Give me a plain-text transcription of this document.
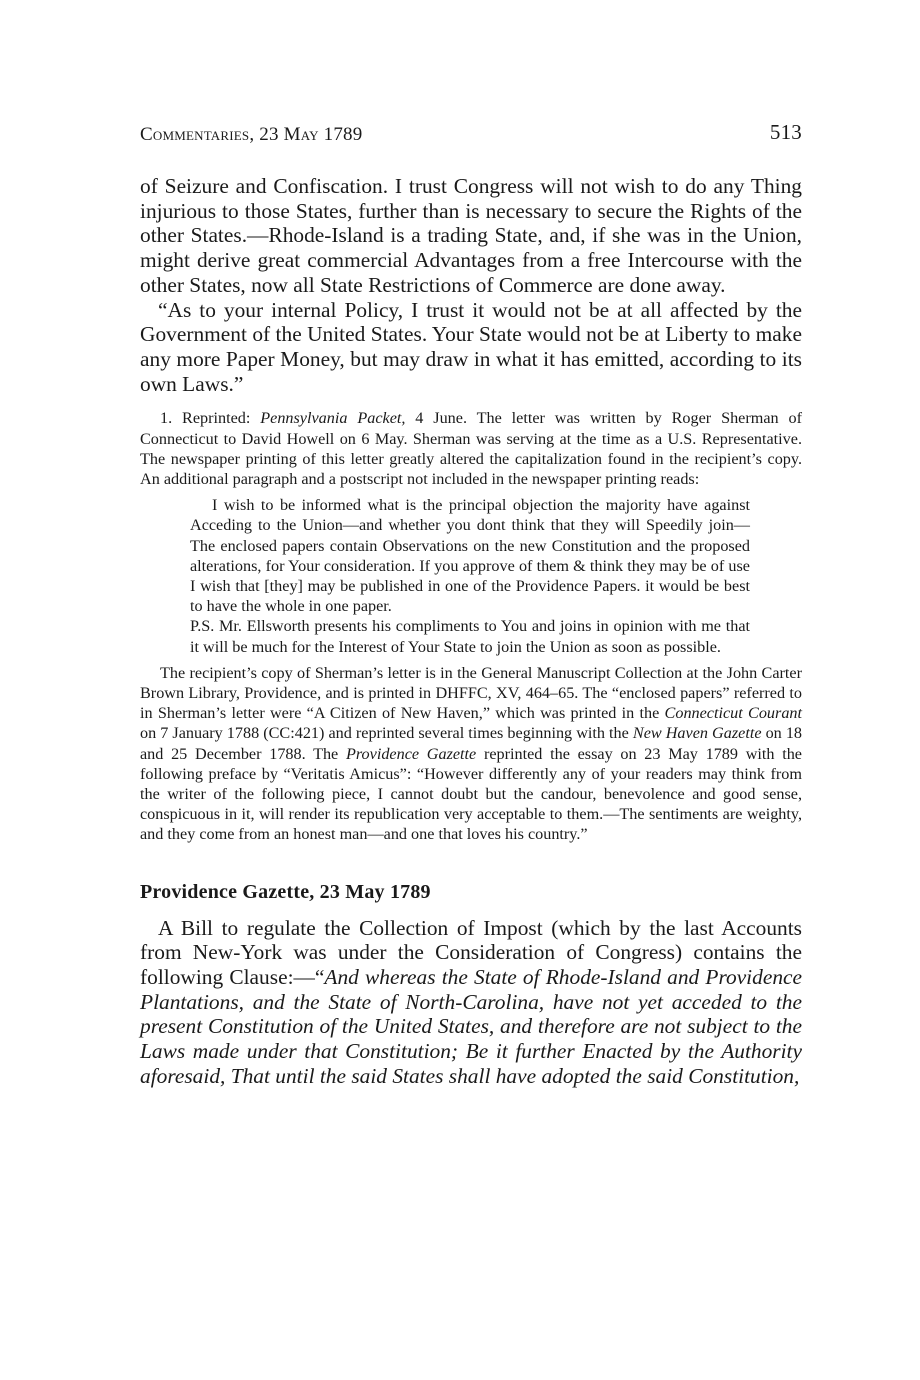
Commentaries, 23 May 1789	513

of Seizure and Confiscation. I trust Congress will not wish to do any Thing injurious to those States, further than is necessary to secure the Rights of the other States.—Rhode-Island is a trading State, and, if she was in the Union, might derive great commercial Advantages from a free Intercourse with the other States, now all State Restrictions of Commerce are done away.

“As to your internal Policy, I trust it would not be at all affected by the Government of the United States. Your State would not be at Liberty to make any more Paper Money, but may draw in what it has emitted, according to its own Laws.”

1. Reprinted: Pennsylvania Packet, 4 June. The letter was written by Roger Sherman of Connecticut to David Howell on 6 May. Sherman was serving at the time as a U.S. Representative. The newspaper printing of this letter greatly altered the capitalization found in the recipient’s copy. An additional paragraph and a postscript not included in the newspaper printing reads:

I wish to be informed what is the principal objection the majority have against Acceding to the Union—and whether you dont think that they will Speedily join—The enclosed papers contain Observations on the new Constitution and the proposed alterations, for Your consideration. If you approve of them & think they may be of use I wish that [they] may be published in one of the Providence Papers. it would be best to have the whole in one paper.

P.S. Mr. Ellsworth presents his compliments to You and joins in opinion with me that it will be much for the Interest of Your State to join the Union as soon as possible.

The recipient’s copy of Sherman’s letter is in the General Manuscript Collection at the John Carter Brown Library, Providence, and is printed in DHFFC, XV, 464–65. The “enclosed papers” referred to in Sherman’s letter were “A Citizen of New Haven,” which was printed in the Connecticut Courant on 7 January 1788 (CC:421) and reprinted several times beginning with the New Haven Gazette on 18 and 25 December 1788. The Providence Gazette reprinted the essay on 23 May 1789 with the following preface by “Veritatis Amicus”: “However differently any of your readers may think from the writer of the following piece, I cannot doubt but the candour, benevolence and good sense, conspicuous in it, will render its republication very acceptable to them.—The sentiments are weighty, and they come from an honest man—and one that loves his country.”

Providence Gazette, 23 May 1789

A Bill to regulate the Collection of Impost (which by the last Accounts from New-York was under the Consideration of Congress) contains the following Clause:—“And whereas the State of Rhode-Island and Providence Plantations, and the State of North-Carolina, have not yet acceded to the present Constitution of the United States, and therefore are not subject to the Laws made under that Constitution; Be it further Enacted by the Authority aforesaid, That until the said States shall have adopted the said Constitution,
